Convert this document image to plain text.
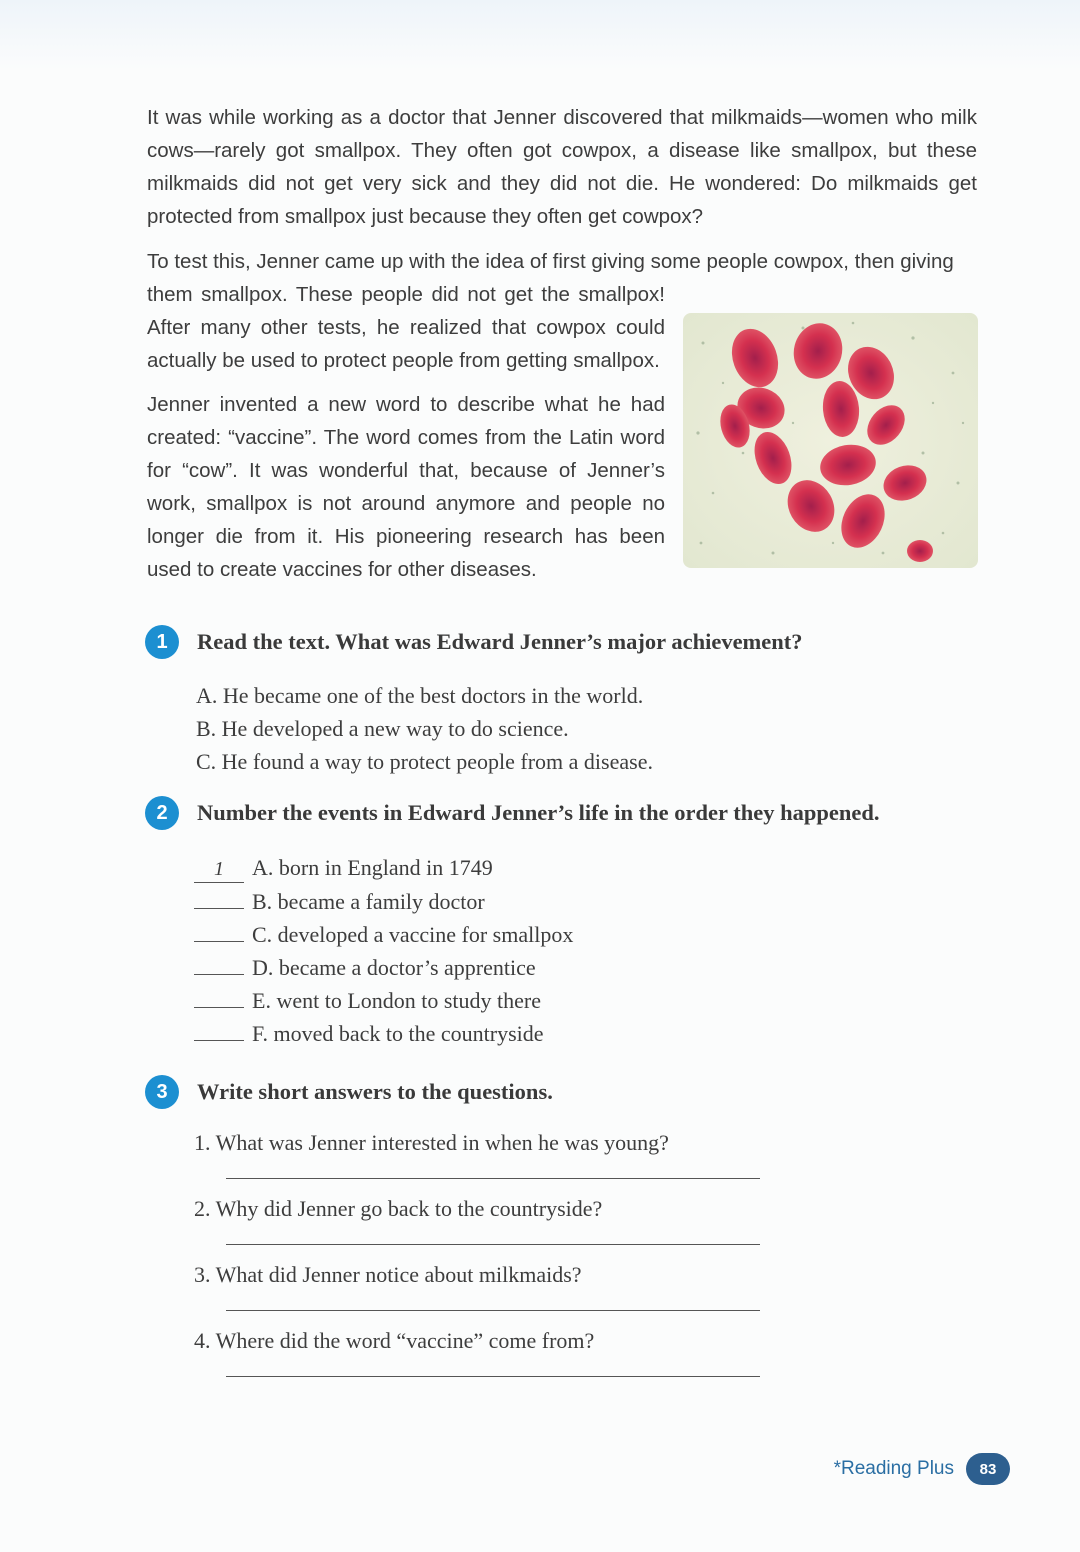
It was while working as a doctor that Jenner discovered that milkmaids—women who milk cows—rarely got smallpox. They often got cowpox, a disease like smallpox, but these milkmaids did not get very sick and they did not die. He wondered: Do milkmaids get protected from smallpox just because they often get cowpox?

To test this, Jenner came up with the idea of first giving some people cowpox, then giving

them smallpox. These people did not get the smallpox! After many other tests, he realized that cowpox could actually be used to protect people from getting smallpox.

Jenner invented a new word to describe what he had created: “vaccine”. The word comes from the Latin word for “cow”. It was wonderful that, because of Jenner’s work, smallpox is not around anymore and people no longer die from it. His pioneering research has been used to create vaccines for other diseases.

1	Read the text. What was Edward Jenner’s major achievement?
A. He became one of the best doctors in the world.
B. He developed a new way to do science.
C. He found a way to protect people from a disease.
2	Number the events in Edward Jenner’s life in the order they happened.
1 A. born in England in 1749
B. became a family doctor
C. developed a vaccine for smallpox
D. became a doctor’s apprentice
E. went to London to study there
F. moved back to the countryside
3	Write short answers to the questions.
1. What was Jenner interested in when he was young?
2. Why did Jenner go back to the countryside?
3. What did Jenner notice about milkmaids?
4. Where did the word “vaccine” come from?
*Reading Plus	83
